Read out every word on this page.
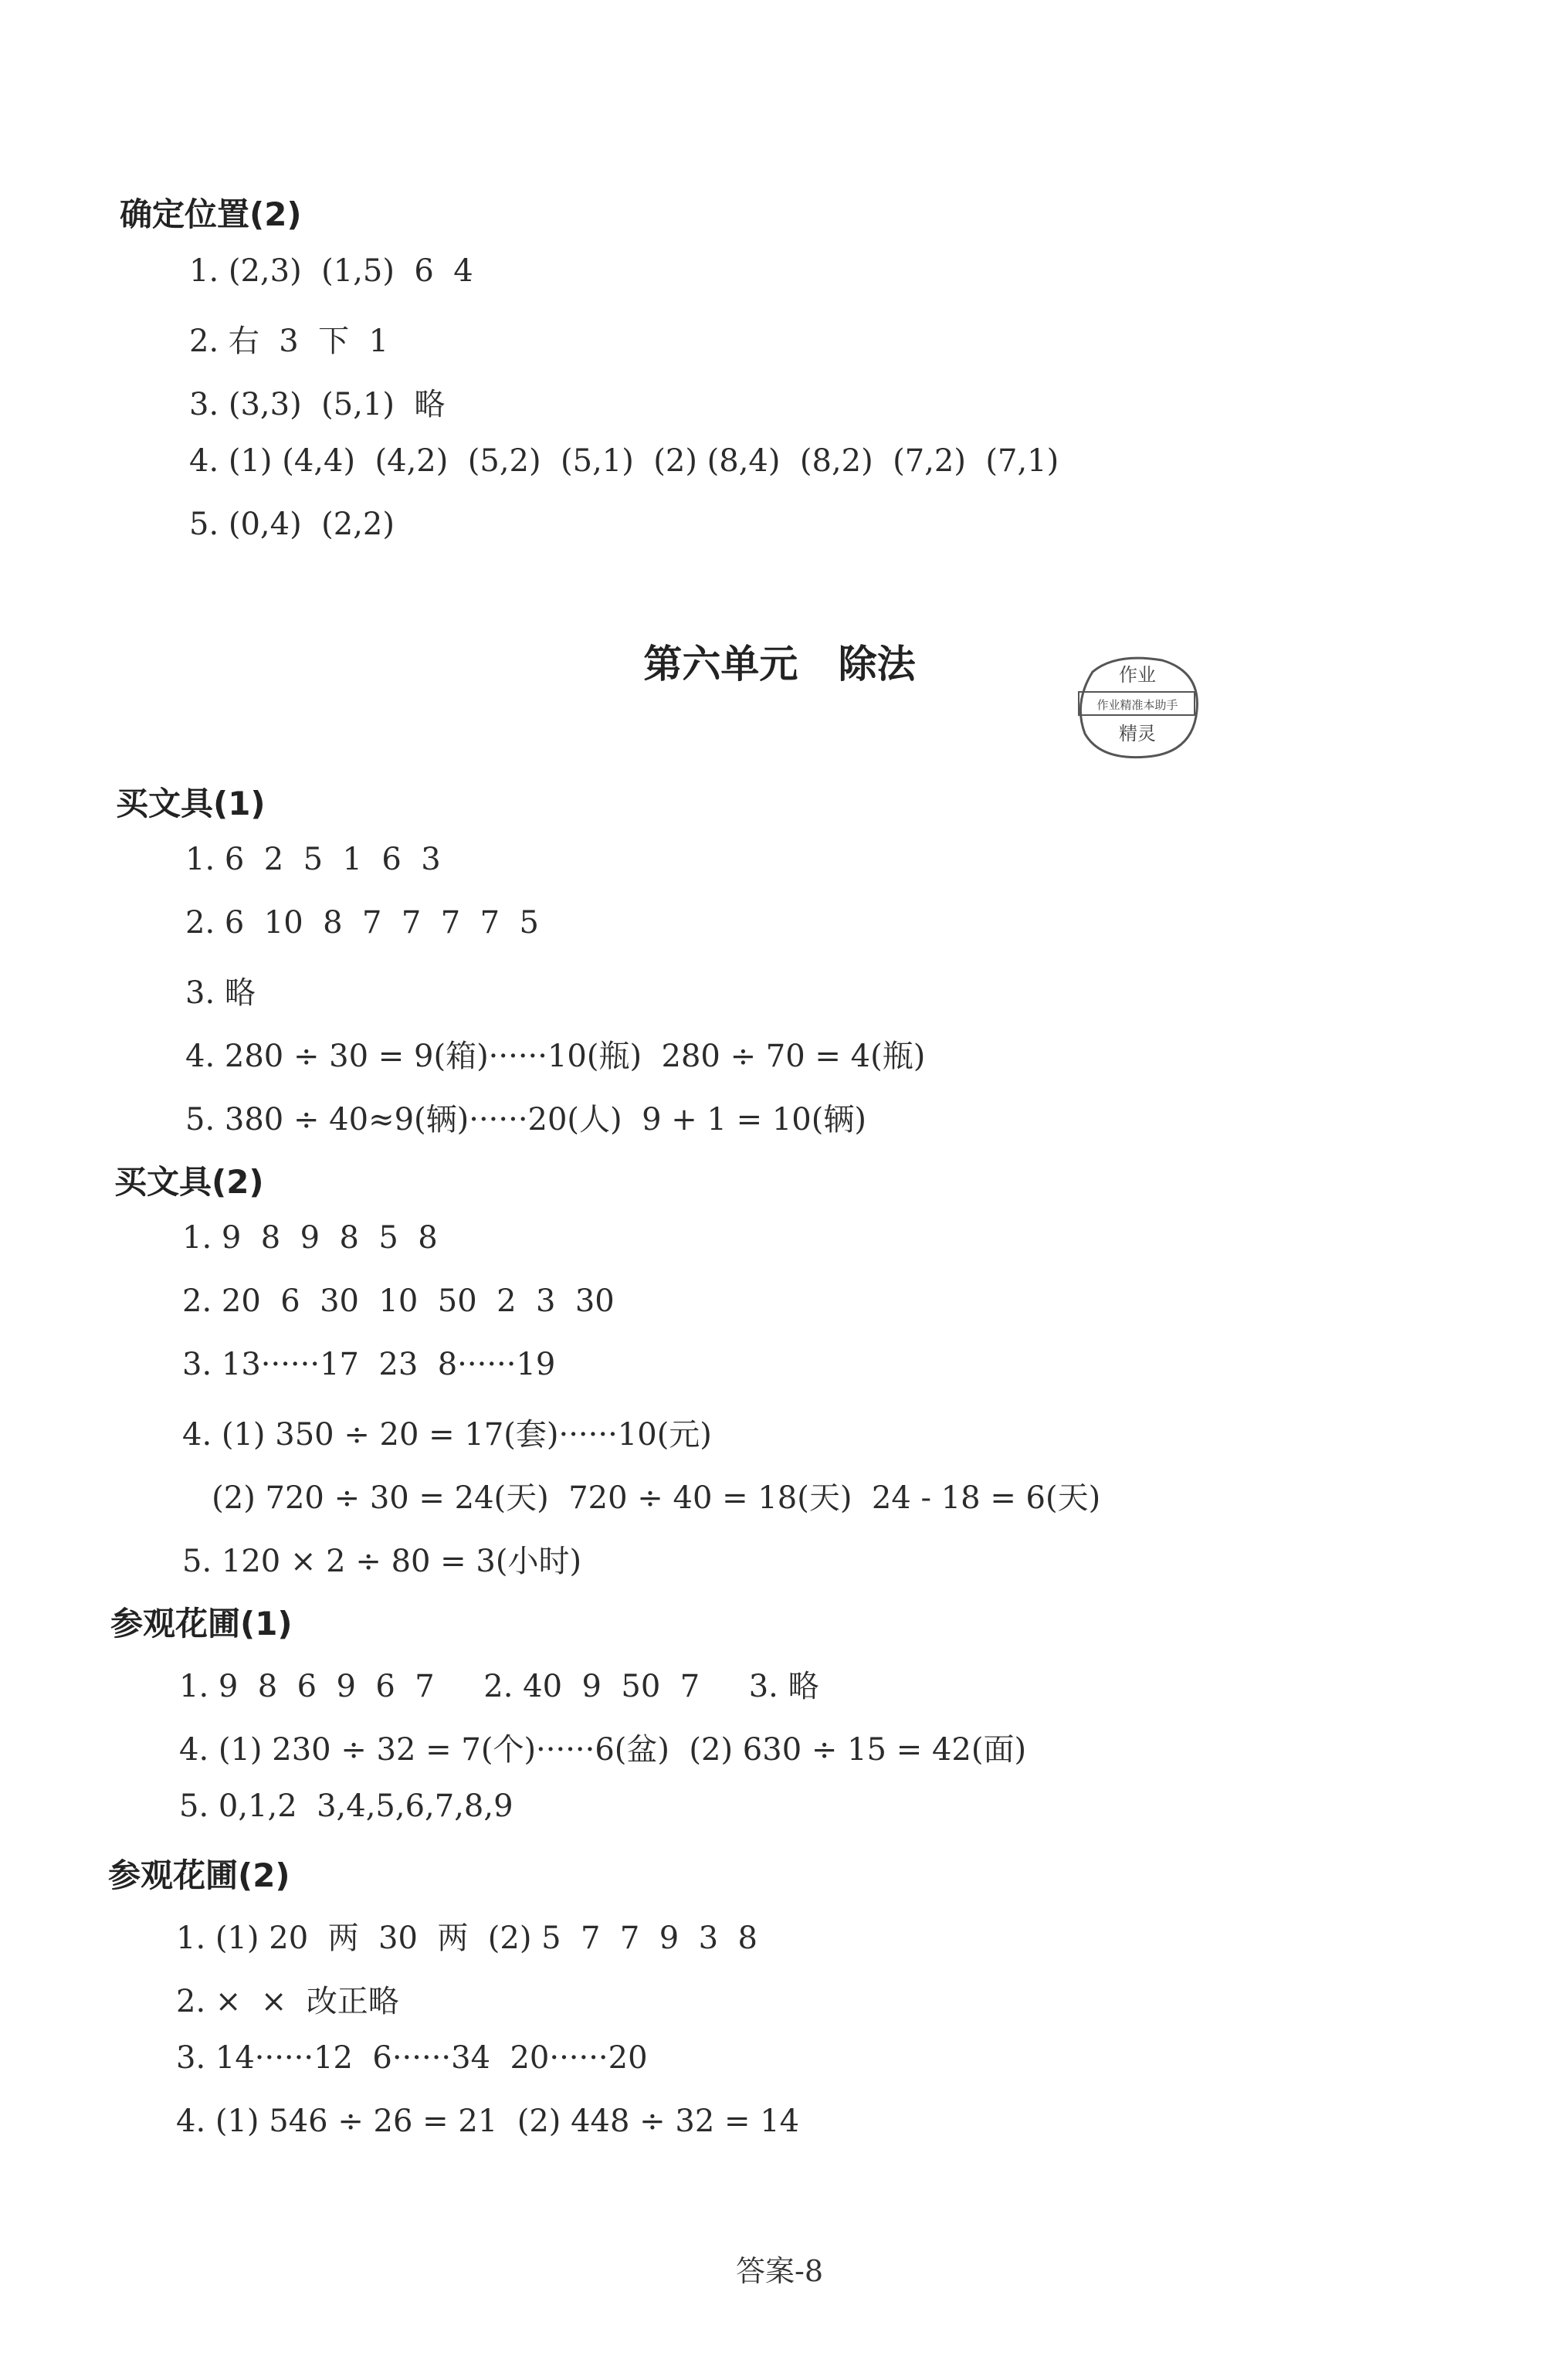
确定位置(2)
1. (2,3)  (1,5)  6  4
2. 右  3  下  1
3. (3,3)  (5,1)  略
4. (1) (4,4)  (4,2)  (5,2)  (5,1)  (2) (8,4)  (8,2)  (7,2)  (7,1)
5. (0,4)  (2,2)
第六单元   除法	作业
作业精准本助手
精灵
买文具(1)
1. 6  2  5  1  6  3
2. 6  10  8  7  7  7  7  5
3. 略
4. 280 ÷ 30 = 9(箱)······10(瓶)  280 ÷ 70 = 4(瓶)
5. 380 ÷ 40≈9(辆)······20(人)  9 + 1 = 10(辆)
买文具(2)
1. 9  8  9  8  5  8
2. 20  6  30  10  50  2  3  30
3. 13······17  23  8······19
4. (1) 350 ÷ 20 = 17(套)······10(元)
(2) 720 ÷ 30 = 24(天)  720 ÷ 40 = 18(天)  24 - 18 = 6(天)
5. 120 × 2 ÷ 80 = 3(小时)
参观花圃(1)
1. 9  8  6  9  6  7     2. 40  9  50  7     3. 略
4. (1) 230 ÷ 32 = 7(个)······6(盆)  (2) 630 ÷ 15 = 42(面)
5. 0,1,2  3,4,5,6,7,8,9
参观花圃(2)
1. (1) 20  两  30  两  (2) 5  7  7  9  3  8
2. ×  ×  改正略
3. 14······12  6······34  20······20
4. (1) 546 ÷ 26 = 21  (2) 448 ÷ 32 = 14
答案-8
